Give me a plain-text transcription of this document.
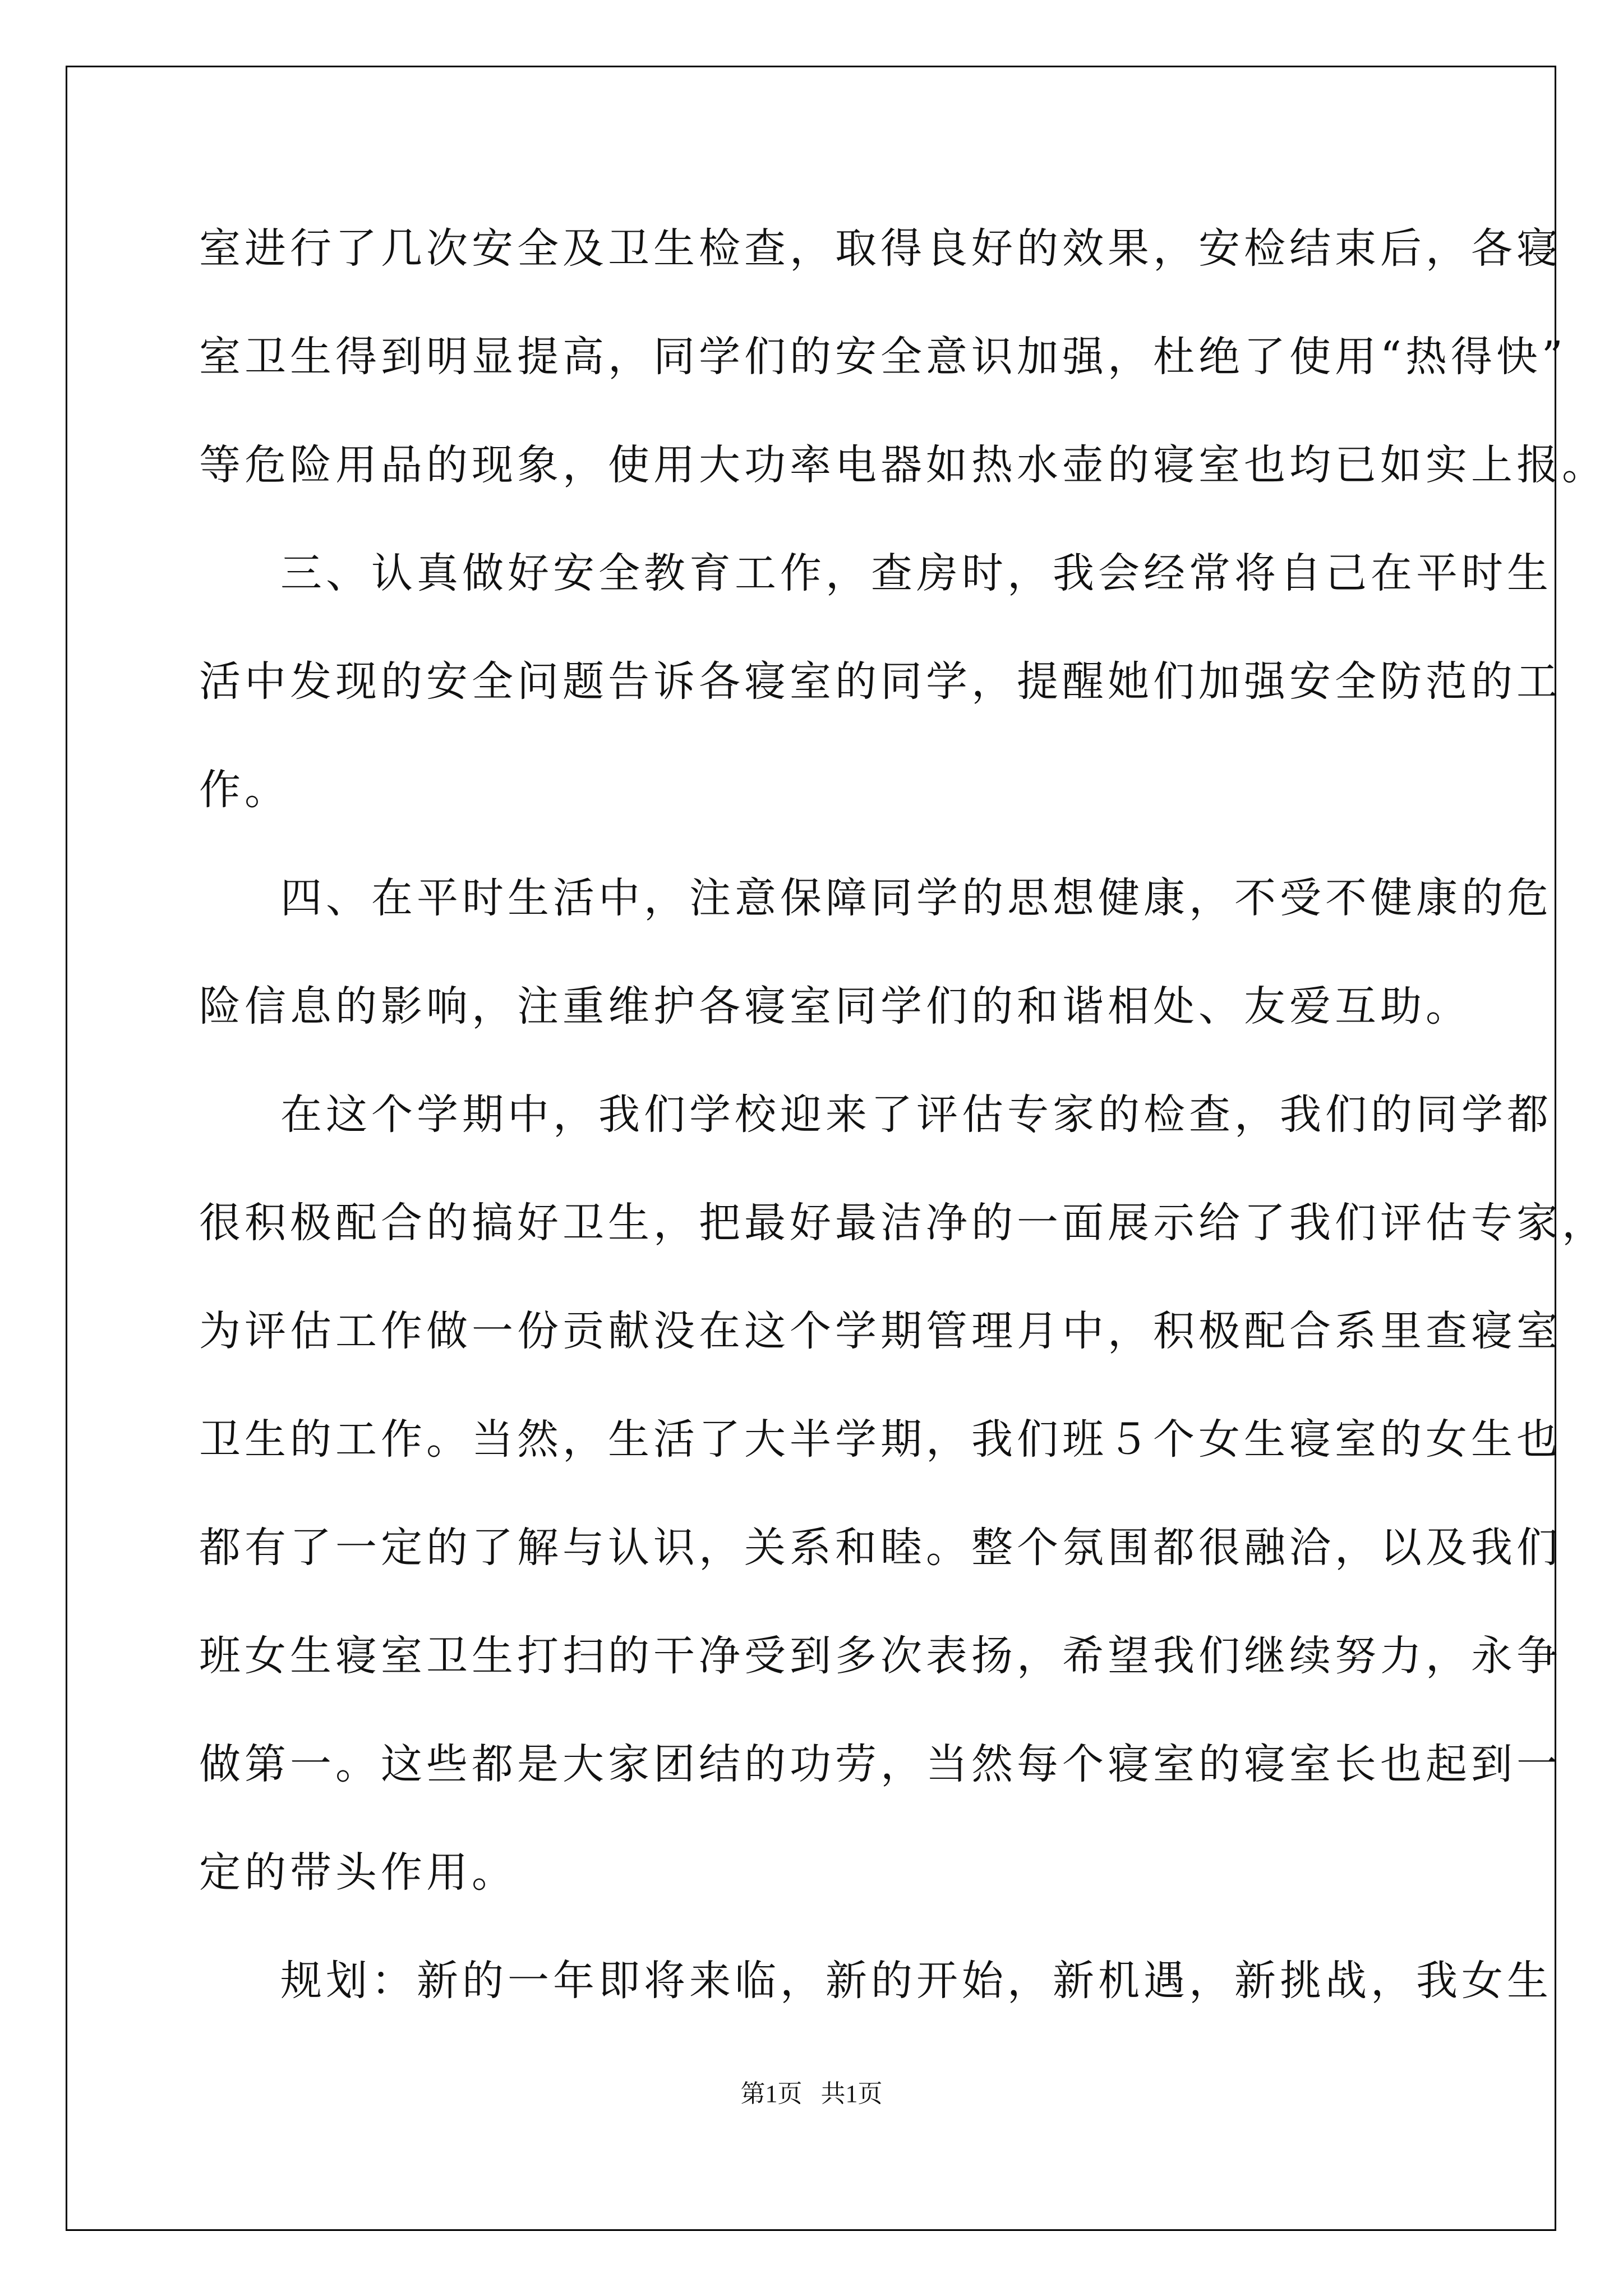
室进行了几次安全及卫生检查，取得良好的效果，安检结束后，各寝
室卫生得到明显提高，同学们的安全意识加强，杜绝了使用“热得快”
等危险用品的现象，使用大功率电器如热水壶的寝室也均已如实上报。
三、认真做好安全教育工作，查房时，我会经常将自己在平时生
活中发现的安全问题告诉各寝室的同学，提醒她们加强安全防范的工
作。
四、在平时生活中，注意保障同学的思想健康，不受不健康的危
险信息的影响，注重维护各寝室同学们的和谐相处、友爱互助。
在这个学期中，我们学校迎来了评估专家的检查，我们的同学都
很积极配合的搞好卫生，把最好最洁净的一面展示给了我们评估专家，
为评估工作做一份贡献没在这个学期管理月中，积极配合系里查寝室
卫生的工作。当然，生活了大半学期，我们班５个女生寝室的女生也
都有了一定的了解与认识，关系和睦。整个氛围都很融洽，以及我们
班女生寝室卫生打扫的干净受到多次表扬，希望我们继续努力，永争
做第一。这些都是大家团结的功劳，当然每个寝室的寝室长也起到一
定的带头作用。
规划：新的一年即将来临，新的开始，新机遇，新挑战，我女生
第1页   共1页
